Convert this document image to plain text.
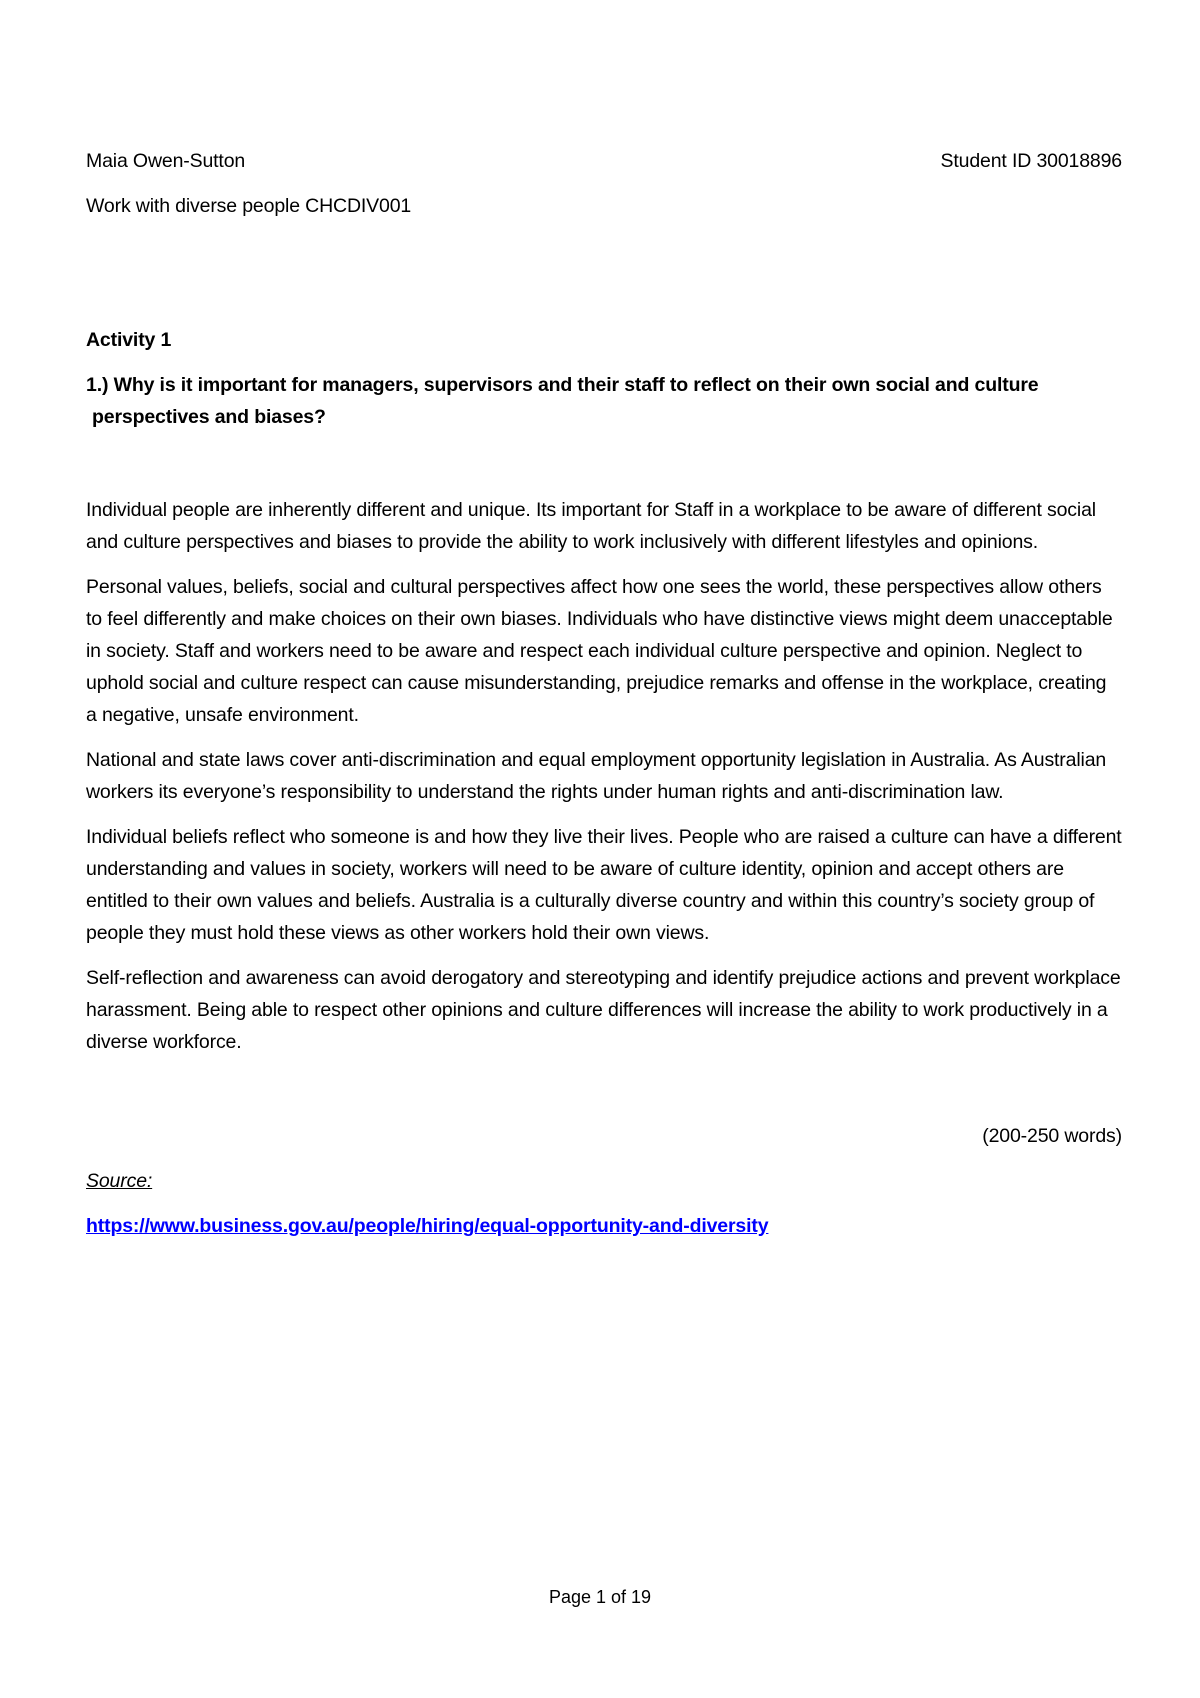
Maia Owen-Sutton	Student ID 30018896
Work with diverse people CHCDIV001
Activity 1
1.) Why is it important for managers, supervisors and their staff to reflect on their own social and culture perspectives and biases?

Individual people are inherently different and unique. Its important for Staff in a workplace to be aware of different social and culture perspectives and biases to provide the ability to work inclusively with different lifestyles and opinions.

Personal values, beliefs, social and cultural perspectives affect how one sees the world, these perspectives allow others to feel differently and make choices on their own biases. Individuals who have distinctive views might deem unacceptable in society. Staff and workers need to be aware and respect each individual culture perspective and opinion. Neglect to uphold social and culture respect can cause misunderstanding, prejudice remarks and offense in the workplace, creating a negative, unsafe environment.

National and state laws cover anti-discrimination and equal employment opportunity legislation in Australia. As Australian workers its everyone’s responsibility to understand the rights under human rights and anti-discrimination law.

Individual beliefs reflect who someone is and how they live their lives. People who are raised a culture can have a different understanding and values in society, workers will need to be aware of culture identity, opinion and accept others are entitled to their own values and beliefs. Australia is a culturally diverse country and within this country’s society group of people they must hold these views as other workers hold their own views.

Self-reflection and awareness can avoid derogatory and stereotyping and identify prejudice actions and prevent workplace harassment. Being able to respect other opinions and culture differences will increase the ability to work productively in a diverse workforce.

(200-250 words)
Source:
https://www.business.gov.au/people/hiring/equal-opportunity-and-diversity
Page 1 of 19
